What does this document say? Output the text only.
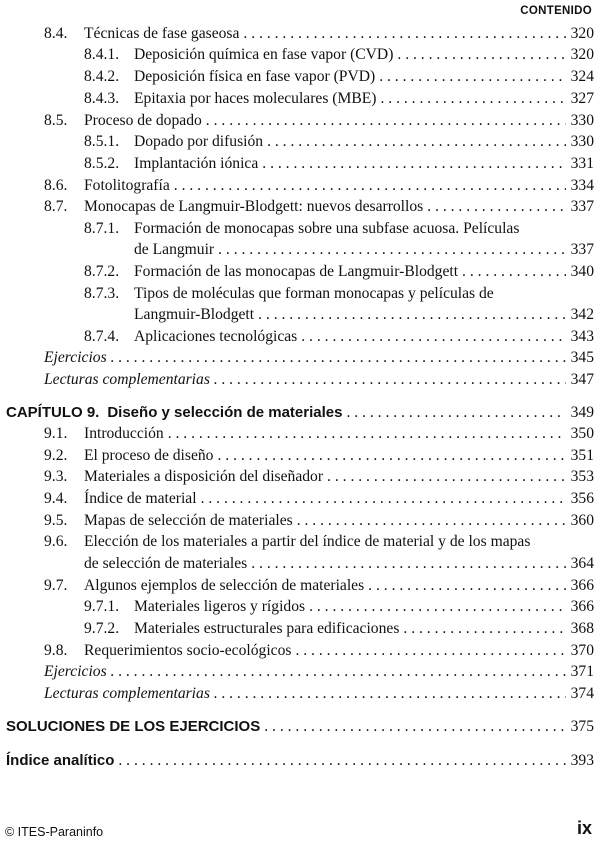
CONTENIDO
8.4.	Técnicas de fase gaseosa . . .	320
8.4.1. Deposición química en fase vapor (CVD) . . .	320
8.4.2. Deposición física en fase vapor (PVD) . . .	324
8.4.3. Epitaxia por haces moleculares (MBE) . . .	327
8.5.	Proceso de dopado . . .	330
8.5.1. Dopado por difusión . . .	330
8.5.2. Implantación iónica . . .	331
8.6.	Fotolitografía . . .	334
8.7.	Monocapas de Langmuir-Blodgett: nuevos desarrollos . . .	337
8.7.1. Formación de monocapas sobre una subfase acuosa. Películas
de Langmuir . . .	337
8.7.2. Formación de las monocapas de Langmuir-Blodgett . . .	340
8.7.3. Tipos de moléculas que forman monocapas y películas de
Langmuir-Blodgett . . .	342
8.7.4. Aplicaciones tecnológicas . . .	343
Ejercicios . . .	345
Lecturas complementarias . . .	347
CAPÍTULO 9. Diseño y selección de materiales . . .	349
9.1.	Introducción . . .	350
9.2.	El proceso de diseño . . .	351
9.3.	Materiales a disposición del diseñador . . .	353
9.4.	Índice de material . . .	356
9.5.	Mapas de selección de materiales . . .	360
9.6. Elección de los materiales a partir del índice de material y de los mapas
de selección de materiales . . .	364
9.7.	Algunos ejemplos de selección de materiales . . .	366
9.7.1. Materiales ligeros y rígidos . . .	366
9.7.2. Materiales estructurales para edificaciones . . .	368
9.8.	Requerimientos socio-ecológicos . . .	370
Ejercicios . . .	371
Lecturas complementarias . . .	374
SOLUCIONES DE LOS EJERCICIOS . . .	375
Índice analítico . . .	393
© ITES-Paraninfo	ix
